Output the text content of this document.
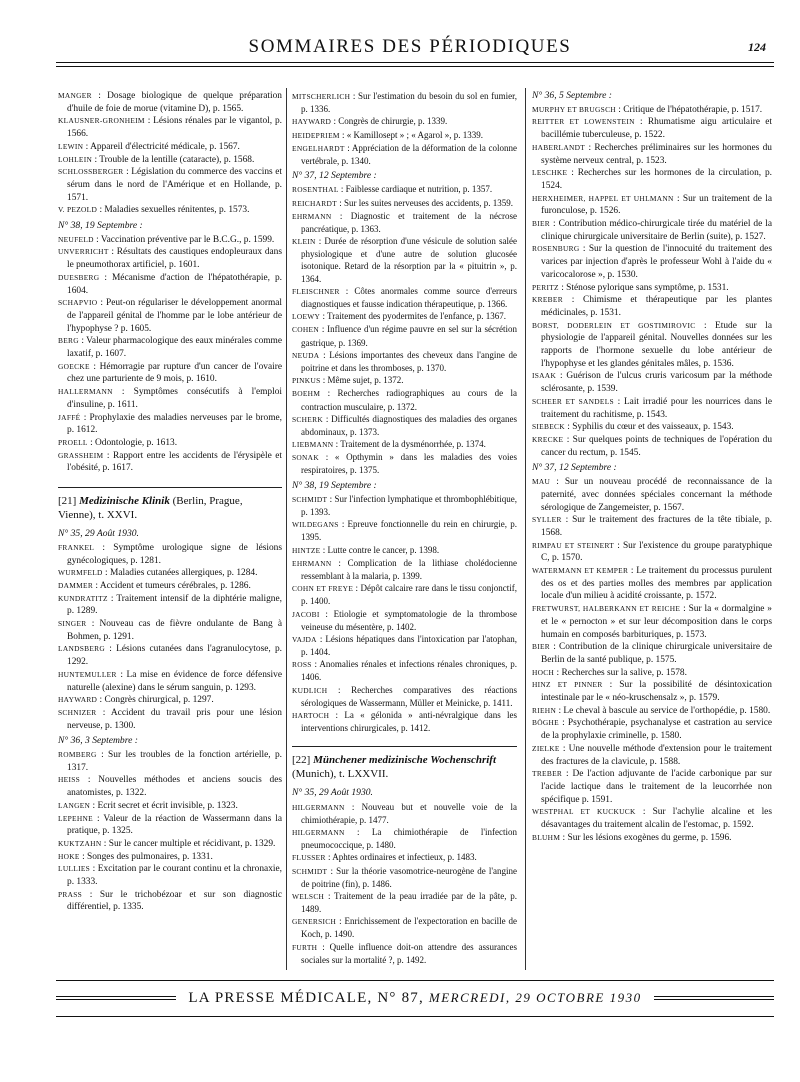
SOMMAIRES DES PÉRIODIQUES	124
MANGER : Dosage biologique de quelque préparation d'huile de foie de morue (vitamine D), p. 1565.
KLAUSNER-GRONHEIM : Lésions rénales par le vigantol, p. 1566.
LEWIN : Appareil d'électricité médicale, p. 1567.
LOHLEIN : Trouble de la lentille (cataracte), p. 1568.
SCHLOSSBERGER : Législation du commerce des vaccins et sérum dans le nord de l'Amérique et en Hollande, p. 1571.
V. PEZOLD : Maladies sexuelles rénitentes, p. 1573.
N° 38, 19 Septembre :
NEUFELD : Vaccination préventive par le B.C.G., p. 1599.
UNVERRICHT : Résultats des caustiques endopleuraux dans le pneumothorax artificiel, p. 1601.
DUESBERG : Mécanisme d'action de l'hépatothérapie, p. 1604.
SCHAPVIO : Peut-on régulariser le développement anormal de l'appareil génital de l'homme par le lobe antérieur de l'hypophyse ? p. 1605.
BERG : Valeur pharmacologique des eaux minérales comme laxatif, p. 1607.
GOECKE : Hémorragie par rupture d'un cancer de l'ovaire chez une parturiente de 9 mois, p. 1610.
HALLERMANN : Symptômes consécutifs à l'emploi d'insuline, p. 1611.
JAFFÉ : Prophylaxie des maladies nerveuses par le brome, p. 1612.
PROELL : Odontologie, p. 1613.
GRASSHEIM : Rapport entre les accidents de l'érysipèle et l'obésité, p. 1617.
[21] Medizinische Klinik (Berlin, Prague, Vienne), t. XXVI.
N° 35, 29 Août 1930.
FRANKEL : Symptôme urologique signe de lésions gynécologiques, p. 1281.
WURMFELD : Maladies cutanées allergiques, p. 1284.
DAMMER : Accident et tumeurs cérébrales, p. 1286.
KUNDRATITZ : Traitement intensif de la diphtérie maligne, p. 1289.
SINGER : Nouveau cas de fièvre ondulante de Bang à Bohmen, p. 1291.
LANDSBERG : Lésions cutanées dans l'agranulocytose, p. 1292.
HUNTEMULLER : La mise en évidence de force défensive naturelle (alexine) dans le sérum sanguin, p. 1293.
HAYWARD : Congrès chirurgical, p. 1297.
SCHNIZER : Accident du travail pris pour une lésion nerveuse, p. 1300.
N° 36, 3 Septembre :
ROMBERG : Sur les troubles de la fonction artérielle, p. 1317.
HEISS : Nouvelles méthodes et anciens soucis des anatomistes, p. 1322.
LANGEN : Ecrit secret et écrit invisible, p. 1323.
LEPEHNE : Valeur de la réaction de Wassermann dans la pratique, p. 1325.
KUKTZAHN : Sur le cancer multiple et récidivant, p. 1329.
HOKE : Songes des pulmonaires, p. 1331.
LULLIES : Excitation par le courant continu et la chronaxie, p. 1333.
PRASS : Sur le trichobézoar et sur son diagnostic différentiel, p. 1335.
MITSCHERLICH : Sur l'estimation du besoin du sol en fumier, p. 1336.
HAYWARD : Congrès de chirurgie, p. 1339.
HEIDEPRIEM : « Kamillosept » ; « Agarol », p. 1339.
ENGELHARDT : Appréciation de la déformation de la colonne vertébrale, p. 1340.
N° 37, 12 Septembre :
ROSENTHAL : Faiblesse cardiaque et nutrition, p. 1357.
REICHARDT : Sur les suites nerveuses des accidents, p. 1359.
EHRMANN : Diagnostic et traitement de la nécrose pancréatique, p. 1363.
KLEIN : Durée de résorption d'une vésicule de solution salée physiologique et d'une autre de solution glucosée isotonique. Retard de la résorption par la « pituitrin », p. 1364.
FLEISCHNER : Côtes anormales comme source d'erreurs diagnostiques et fausse indication thérapeutique, p. 1366.
LOEWY : Traitement des pyodermites de l'enfance, p. 1367.
COHEN : Influence d'un régime pauvre en sel sur la sécrétion gastrique, p. 1369.
NEUDA : Lésions importantes des cheveux dans l'angine de poitrine et dans les thromboses, p. 1370.
PINKUS : Même sujet, p. 1372.
BOEHM : Recherches radiographiques au cours de la contraction musculaire, p. 1372.
SCHERK : Difficultés diagnostiques des maladies des organes abdominaux, p. 1373.
LIEBMANN : Traitement de la dysménorrhée, p. 1374.
SONAK : « Opthymin » dans les maladies des voies respiratoires, p. 1375.
N° 38, 19 Septembre :
SCHMIDT : Sur l'infection lymphatique et thrombophlébitique, p. 1393.
WILDEGANS : Epreuve fonctionnelle du rein en chirurgie, p. 1395.
HINTZE : Lutte contre le cancer, p. 1398.
EHRMANN : Complication de la lithiase cholédocienne ressemblant à la malaria, p. 1399.
COHN ET FREYE : Dépôt calcaire rare dans le tissu conjonctif, p. 1400.
JACOBI : Etiologie et symptomatologie de la thrombose veineuse du mésentère, p. 1402.
VAJDA : Lésions hépatiques dans l'intoxication par l'atophan, p. 1404.
ROSS : Anomalies rénales et infections rénales chroniques, p. 1406.
KUDLICH : Recherches comparatives des réactions sérologiques de Wassermann, Müller et Meinicke, p. 1411.
HARTOCH : La « gélonida » anti-névralgique dans les interventions chirurgicales, p. 1412.
[22] Münchener medizinische Wochenschrift (Munich), t. LXXVII.
N° 35, 29 Août 1930.
HILGERMANN : Nouveau but et nouvelle voie de la chimiothérapie, p. 1477.
HILGERMANN : La chimiothérapie de l'infection pneumococcique, p. 1480.
FLUSSER : Aphtes ordinaires et infectieux, p. 1483.
SCHMIDT : Sur la théorie vasomotrice-neurogène de l'angine de poitrine (fin), p. 1486.
WELSCH : Traitement de la peau irradiée par de la pâte, p. 1489.
GENERSICH : Enrichissement de l'expectoration en bacille de Koch, p. 1490.
FURTH : Quelle influence doit-on attendre des assurances sociales sur la mortalité ?, p. 1492.
N° 36, 5 Septembre :
MURPHY ET BRUGSCH : Critique de l'hépatothérapie, p. 1517.
REITTER ET LOWENSTEIN : Rhumatisme aigu articulaire et bacillémie tuberculeuse, p. 1522.
HABERLANDT : Recherches préliminaires sur les hormones du système nerveux central, p. 1523.
LESCHKE : Recherches sur les hormones de la circulation, p. 1524.
HERXHEIMER, HAPPEL ET UHLMANN : Sur un traitement de la furonculose, p. 1526.
BIER : Contribution médico-chirurgicale tirée du matériel de la clinique chirurgicale universitaire de Berlin (suite), p. 1527.
ROSENBURG : Sur la question de l'innocuité du traitement des varices par injection d'après le professeur Wohl à l'aide du « varicocalorose », p. 1530.
PERITZ : Sténose pylorique sans symptôme, p. 1531.
KREBER : Chimisme et thérapeutique par les plantes médicinales, p. 1531.
BORST, DODERLEIN ET GOSTIMIROVIC : Etude sur la physiologie de l'appareil génital. Nouvelles données sur les rapports de l'hormone sexuelle du lobe antérieur de l'hypophyse et les glandes génitales mâles, p. 1536.
ISAAK : Guérison de l'ulcus cruris varicosum par la méthode sclérosante, p. 1539.
SCHEER ET SANDELS : Lait irradié pour les nourrices dans le traitement du rachitisme, p. 1543.
SIEBECK : Syphilis du cœur et des vaisseaux, p. 1543.
KRECKE : Sur quelques points de techniques de l'opération du cancer du rectum, p. 1545.
N° 37, 12 Septembre :
MAU : Sur un nouveau procédé de reconnaissance de la paternité, avec données spéciales concernant la méthode sérologique de Zangemeister, p. 1567.
SYLLER : Sur le traitement des fractures de la tête tibiale, p. 1568.
RIMPAU ET STEINERT : Sur l'existence du groupe paratyphique C, p. 1570.
WATERMANN ET KEMPER : Le traitement du processus purulent des os et des parties molles des membres par application locale d'un milieu à acidité croissante, p. 1572.
FRETWURST, HALBERKANN ET REICHE : Sur la « dormalgine » et le « pernocton » et sur leur décomposition dans le corps humain en composés barbituriques, p. 1573.
BIER : Contribution de la clinique chirurgicale universitaire de Berlin de la santé publique, p. 1575.
HOCH : Recherches sur la salive, p. 1578.
HINZ ET PINNER : Sur la possibilité de désintoxication intestinale par le « néo-kruschensalz », p. 1579.
RIEHN : Le cheval à bascule au service de l'orthopédie, p. 1580.
BÖGHE : Psychothérapie, psychanalyse et castration au service de la prophylaxie criminelle, p. 1580.
ZIELKE : Une nouvelle méthode d'extension pour le traitement des fractures de la clavicule, p. 1588.
TREBER : De l'action adjuvante de l'acide carbonique par sur l'acide lactique dans le traitement de la leucorrhée non spécifique p. 1591.
WESTPHAL ET KUCKUCK : Sur l'achylie alcaline et les désavantages du traitement alcalin de l'estomac, p. 1592.
BLUHM : Sur les lésions exogènes du germe, p. 1596.
LA PRESSE MÉDICALE, N° 87, MERCREDI, 29 OCTOBRE 1930
